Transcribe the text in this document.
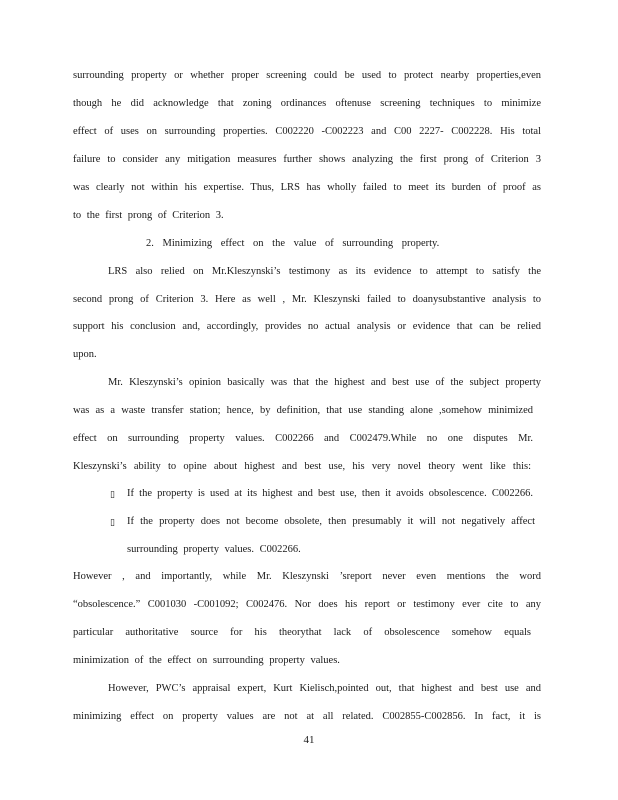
surrounding property or whether proper screening could be used to protect nearby properties,even
though he did acknowledge that zoning ordinances oftenuse screening techniques to minimize
effect of uses on surrounding properties. C002220 -C002223 and C00 2227- C002228. His total
failure to consider any mitigation measures further shows analyzing the first prong of Criterion 3
was clearly not within his expertise. Thus, LRS has wholly failed to meet its burden of proof as
to the first prong of Criterion 3.
2. Minimizing effect on the value of surrounding property.
LRS also relied on Mr.Kleszynski’s testimony as its evidence to attempt to satisfy the
second prong of Criterion 3. Here as well , Mr. Kleszynski failed to doanysubstantive analysis to
support his conclusion and, accordingly, provides no actual analysis or evidence that can be relied
upon.
Mr. Kleszynski’s opinion basically was that the highest and best use of the subject property
was as a waste transfer station; hence, by definition, that use standing alone ,somehow minimized
effect on surrounding property values. C002266 and C002479.While no one disputes Mr.
Kleszynski’s ability to opine about highest and best use, his very novel theory went like this:
▯ If the property is used at its highest and best use, then it avoids obsolescence. C002266.
▯ If the property does not become obsolete, then presumably it will not negatively affect
surrounding property values. C002266.
However , and importantly, while Mr. Kleszynski ’sreport never even mentions the word
“obsolescence.” C001030 -C001092; C002476. Nor does his report or testimony ever cite to any
particular authoritative source for his theorythat lack of obsolescence somehow equals
minimization of the effect on surrounding property values.
However, PWC’s appraisal expert, Kurt Kielisch,pointed out, that highest and best use and
minimizing effect on property values are not at all related. C002855-C002856. In fact, it is
41
